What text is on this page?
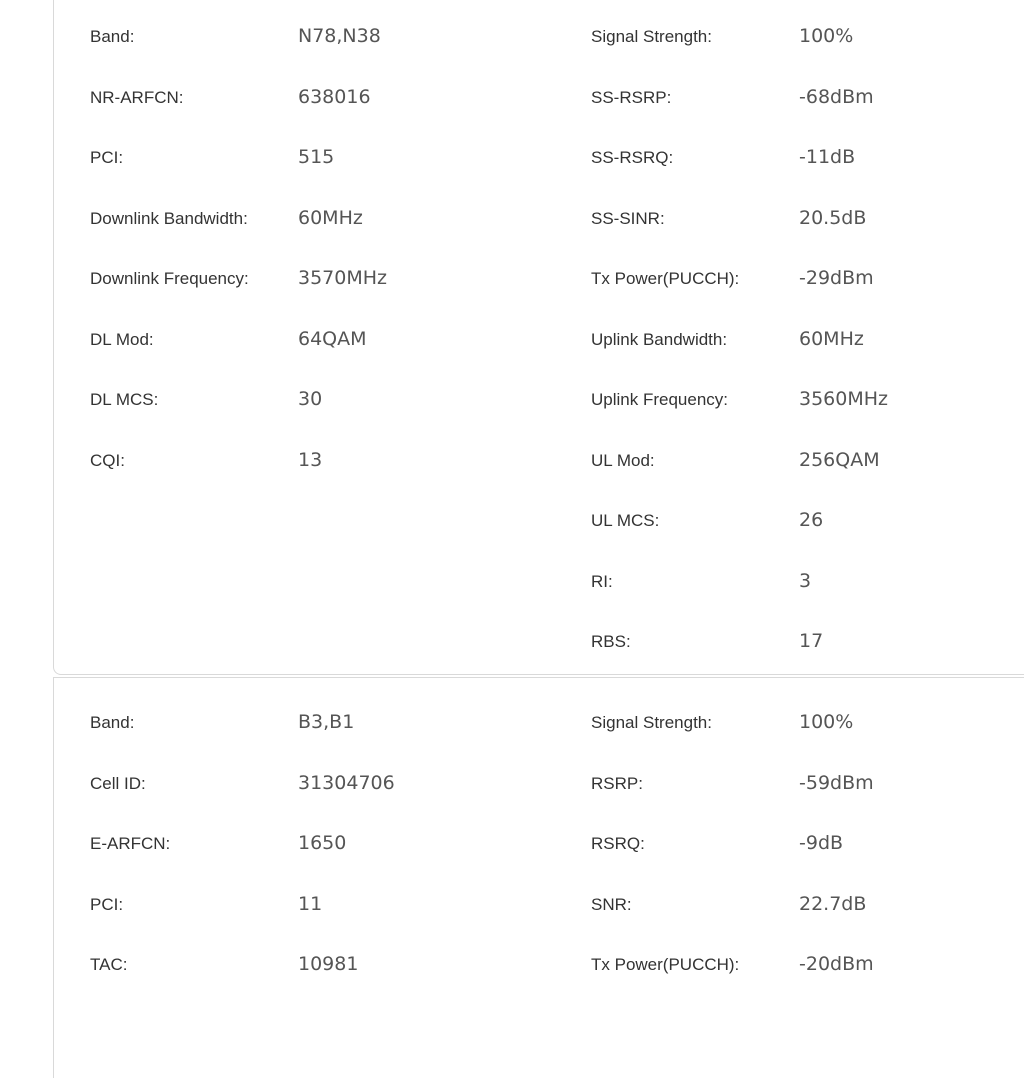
Band:	N78,N38
NR-ARFCN:	638016
PCI:	515
Downlink Bandwidth:	60MHz
Downlink Frequency:	3570MHz
DL Mod:	64QAM
DL MCS:	30
CQI:	13
Signal Strength:	100%
SS-RSRP:	-68dBm
SS-RSRQ:	-11dB
SS-SINR:	20.5dB
Tx Power(PUCCH):	-29dBm
Uplink Bandwidth:	60MHz
Uplink Frequency:	3560MHz
UL Mod:	256QAM
UL MCS:	26
RI:	3
RBS:	17
Band:	B3,B1
Cell ID:	31304706
E-ARFCN:	1650
PCI:	11
TAC:	10981
Signal Strength:	100%
RSRP:	-59dBm
RSRQ:	-9dB
SNR:	22.7dB
Tx Power(PUCCH):	-20dBm
